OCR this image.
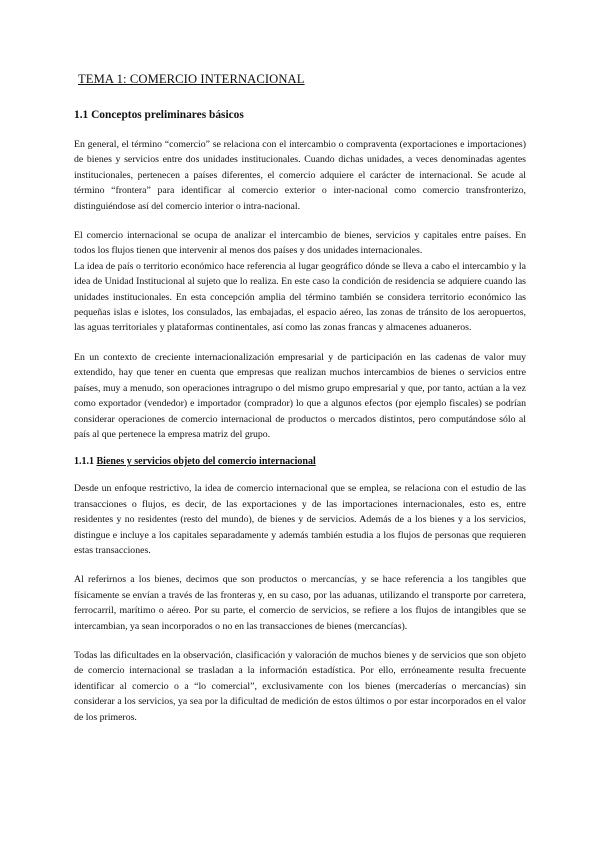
TEMA 1: COMERCIO INTERNACIONAL
1.1 Conceptos preliminares básicos

En general, el término “comercio” se relaciona con el intercambio o compraventa (exportaciones e importaciones) de bienes y servicios entre dos unidades institucionales. Cuando dichas unidades, a veces denominadas agentes institucionales, pertenecen a países diferentes, el comercio adquiere el carácter de internacional. Se acude al término “frontera” para identificar al comercio exterior o inter-nacional como comercio transfronterizo, distinguiéndose así del comercio interior o intra-nacional.

El comercio internacional se ocupa de analizar el intercambio de bienes, servicios y capitales entre países. En todos los flujos tienen que intervenir al menos dos países y dos unidades internacionales.

La idea de país o territorio económico hace referencia al lugar geográfico dónde se lleva a cabo el intercambio y la idea de Unidad Institucional al sujeto que lo realiza. En este caso la condición de residencia se adquiere cuando las unidades institucionales. En esta concepción amplia del término también se considera territorio económico las pequeñas islas e islotes, los consulados, las embajadas, el espacio aéreo, las zonas de tránsito de los aeropuertos, las aguas territoriales y plataformas continentales, así como las zonas francas y almacenes aduaneros.

En un contexto de creciente internacionalización empresarial y de participación en las cadenas de valor muy extendido, hay que tener en cuenta que empresas que realizan muchos intercambios de bienes o servicios entre países, muy a menudo, son operaciones intragrupo o del mismo grupo empresarial y que, por tanto, actúan a la vez como exportador (vendedor) e importador (comprador) lo que a algunos efectos (por ejemplo fiscales) se podrían considerar operaciones de comercio internacional de productos o mercados distintos, pero computándose sólo al país al que pertenece la empresa matriz del grupo.

1.1.1 Bienes y servicios objeto del comercio internacional

Desde un enfoque restrictivo, la idea de comercio internacional que se emplea, se relaciona con el estudio de las transacciones o flujos, es decir, de las exportaciones y de las importaciones internacionales, esto es, entre residentes y no residentes (resto del mundo), de bienes y de servicios. Además de a los bienes y a los servicios, distingue e incluye a los capitales separadamente y además también estudia a los flujos de personas que requieren estas transacciones.

Al referirnos a los bienes, decimos que son productos o mercancías, y se hace referencia a los tangibles que físicamente se envían a través de las fronteras y, en su caso, por las aduanas, utilizando el transporte por carretera, ferrocarril, marítimo o aéreo. Por su parte, el comercio de servicios, se refiere a los flujos de intangibles que se intercambian, ya sean incorporados o no en las transacciones de bienes (mercancías).

Todas las dificultades en la observación, clasificación y valoración de muchos bienes y de servicios que son objeto de comercio internacional se trasladan a la información estadística. Por ello, erróneamente resulta frecuente identificar al comercio o a “lo comercial”, exclusivamente con los bienes (mercaderías o mercancías) sin considerar a los servicios, ya sea por la dificultad de medición de estos últimos o por estar incorporados en el valor de los primeros.
